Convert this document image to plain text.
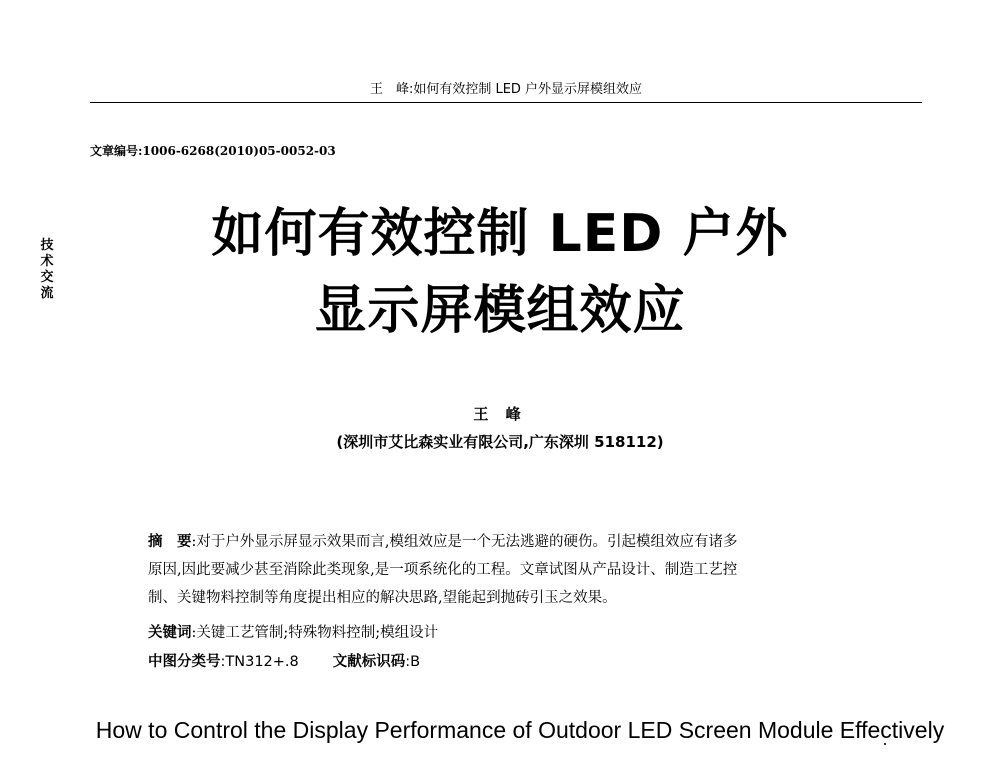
王　峰:如何有效控制 LED 户外显示屏模组效应
文章编号:1006-6268(2010)05-0052-03
技
术
交
流
如何有效控制 LED 户外
显示屏模组效应
王 峰
(深圳市艾比森实业有限公司,广东深圳 518112)
摘　要:对于户外显示屏显示效果而言,模组效应是一个无法逃避的硬伤。引起模组效应有诸多
原因,因此要减少甚至消除此类现象,是一项系统化的工程。文章试图从产品设计、制造工艺控
制、关键物料控制等角度提出相应的解决思路,望能起到抛砖引玉之效果。
关键词:关键工艺管制;特殊物料控制;模组设计
中图分类号:TN312+.8 文献标识码:B
How to Control the Display Performance of Outdoor LED Screen Module Effectively
